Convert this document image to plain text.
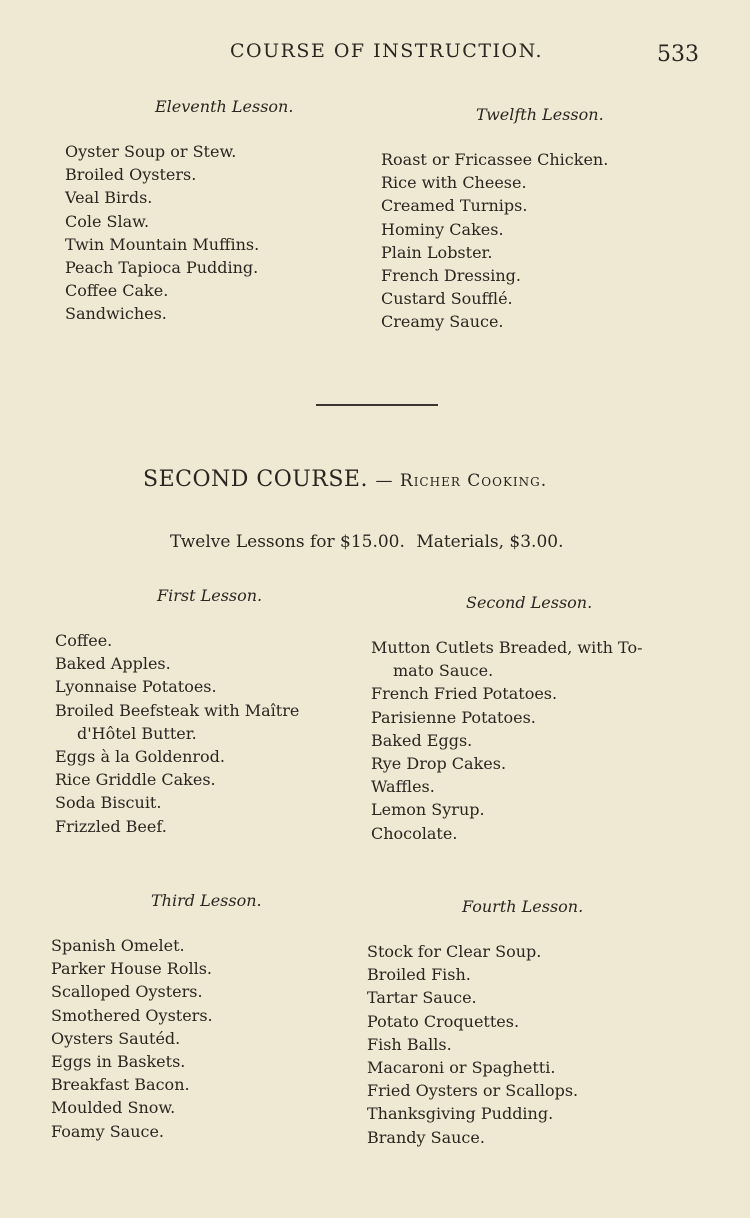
COURSE OF INSTRUCTION.	533
Eleventh Lesson.
Oyster Soup or Stew.
Broiled Oysters.
Veal Birds.
Cole Slaw.
Twin Mountain Muffins.
Peach Tapioca Pudding.
Coffee Cake.
Sandwiches.
Twelfth Lesson.
Roast or Fricassee Chicken.
Rice with Cheese.
Creamed Turnips.
Hominy Cakes.
Plain Lobster.
French Dressing.
Custard Soufflé.
Creamy Sauce.
SECOND COURSE. — Richer Cooking.
Twelve Lessons for $15.00. Materials, $3.00.
First Lesson.
Coffee.
Baked Apples.
Lyonnaise Potatoes.
Broiled Beefsteak with Maître
d'Hôtel Butter.
Eggs à la Goldenrod.
Rice Griddle Cakes.
Soda Biscuit.
Frizzled Beef.
Second Lesson.
Mutton Cutlets Breaded, with To-
mato Sauce.
French Fried Potatoes.
Parisienne Potatoes.
Baked Eggs.
Rye Drop Cakes.
Waffles.
Lemon Syrup.
Chocolate.
Third Lesson.
Spanish Omelet.
Parker House Rolls.
Scalloped Oysters.
Smothered Oysters.
Oysters Sautéd.
Eggs in Baskets.
Breakfast Bacon.
Moulded Snow.
Foamy Sauce.
Fourth Lesson.
Stock for Clear Soup.
Broiled Fish.
Tartar Sauce.
Potato Croquettes.
Fish Balls.
Macaroni or Spaghetti.
Fried Oysters or Scallops.
Thanksgiving Pudding.
Brandy Sauce.
